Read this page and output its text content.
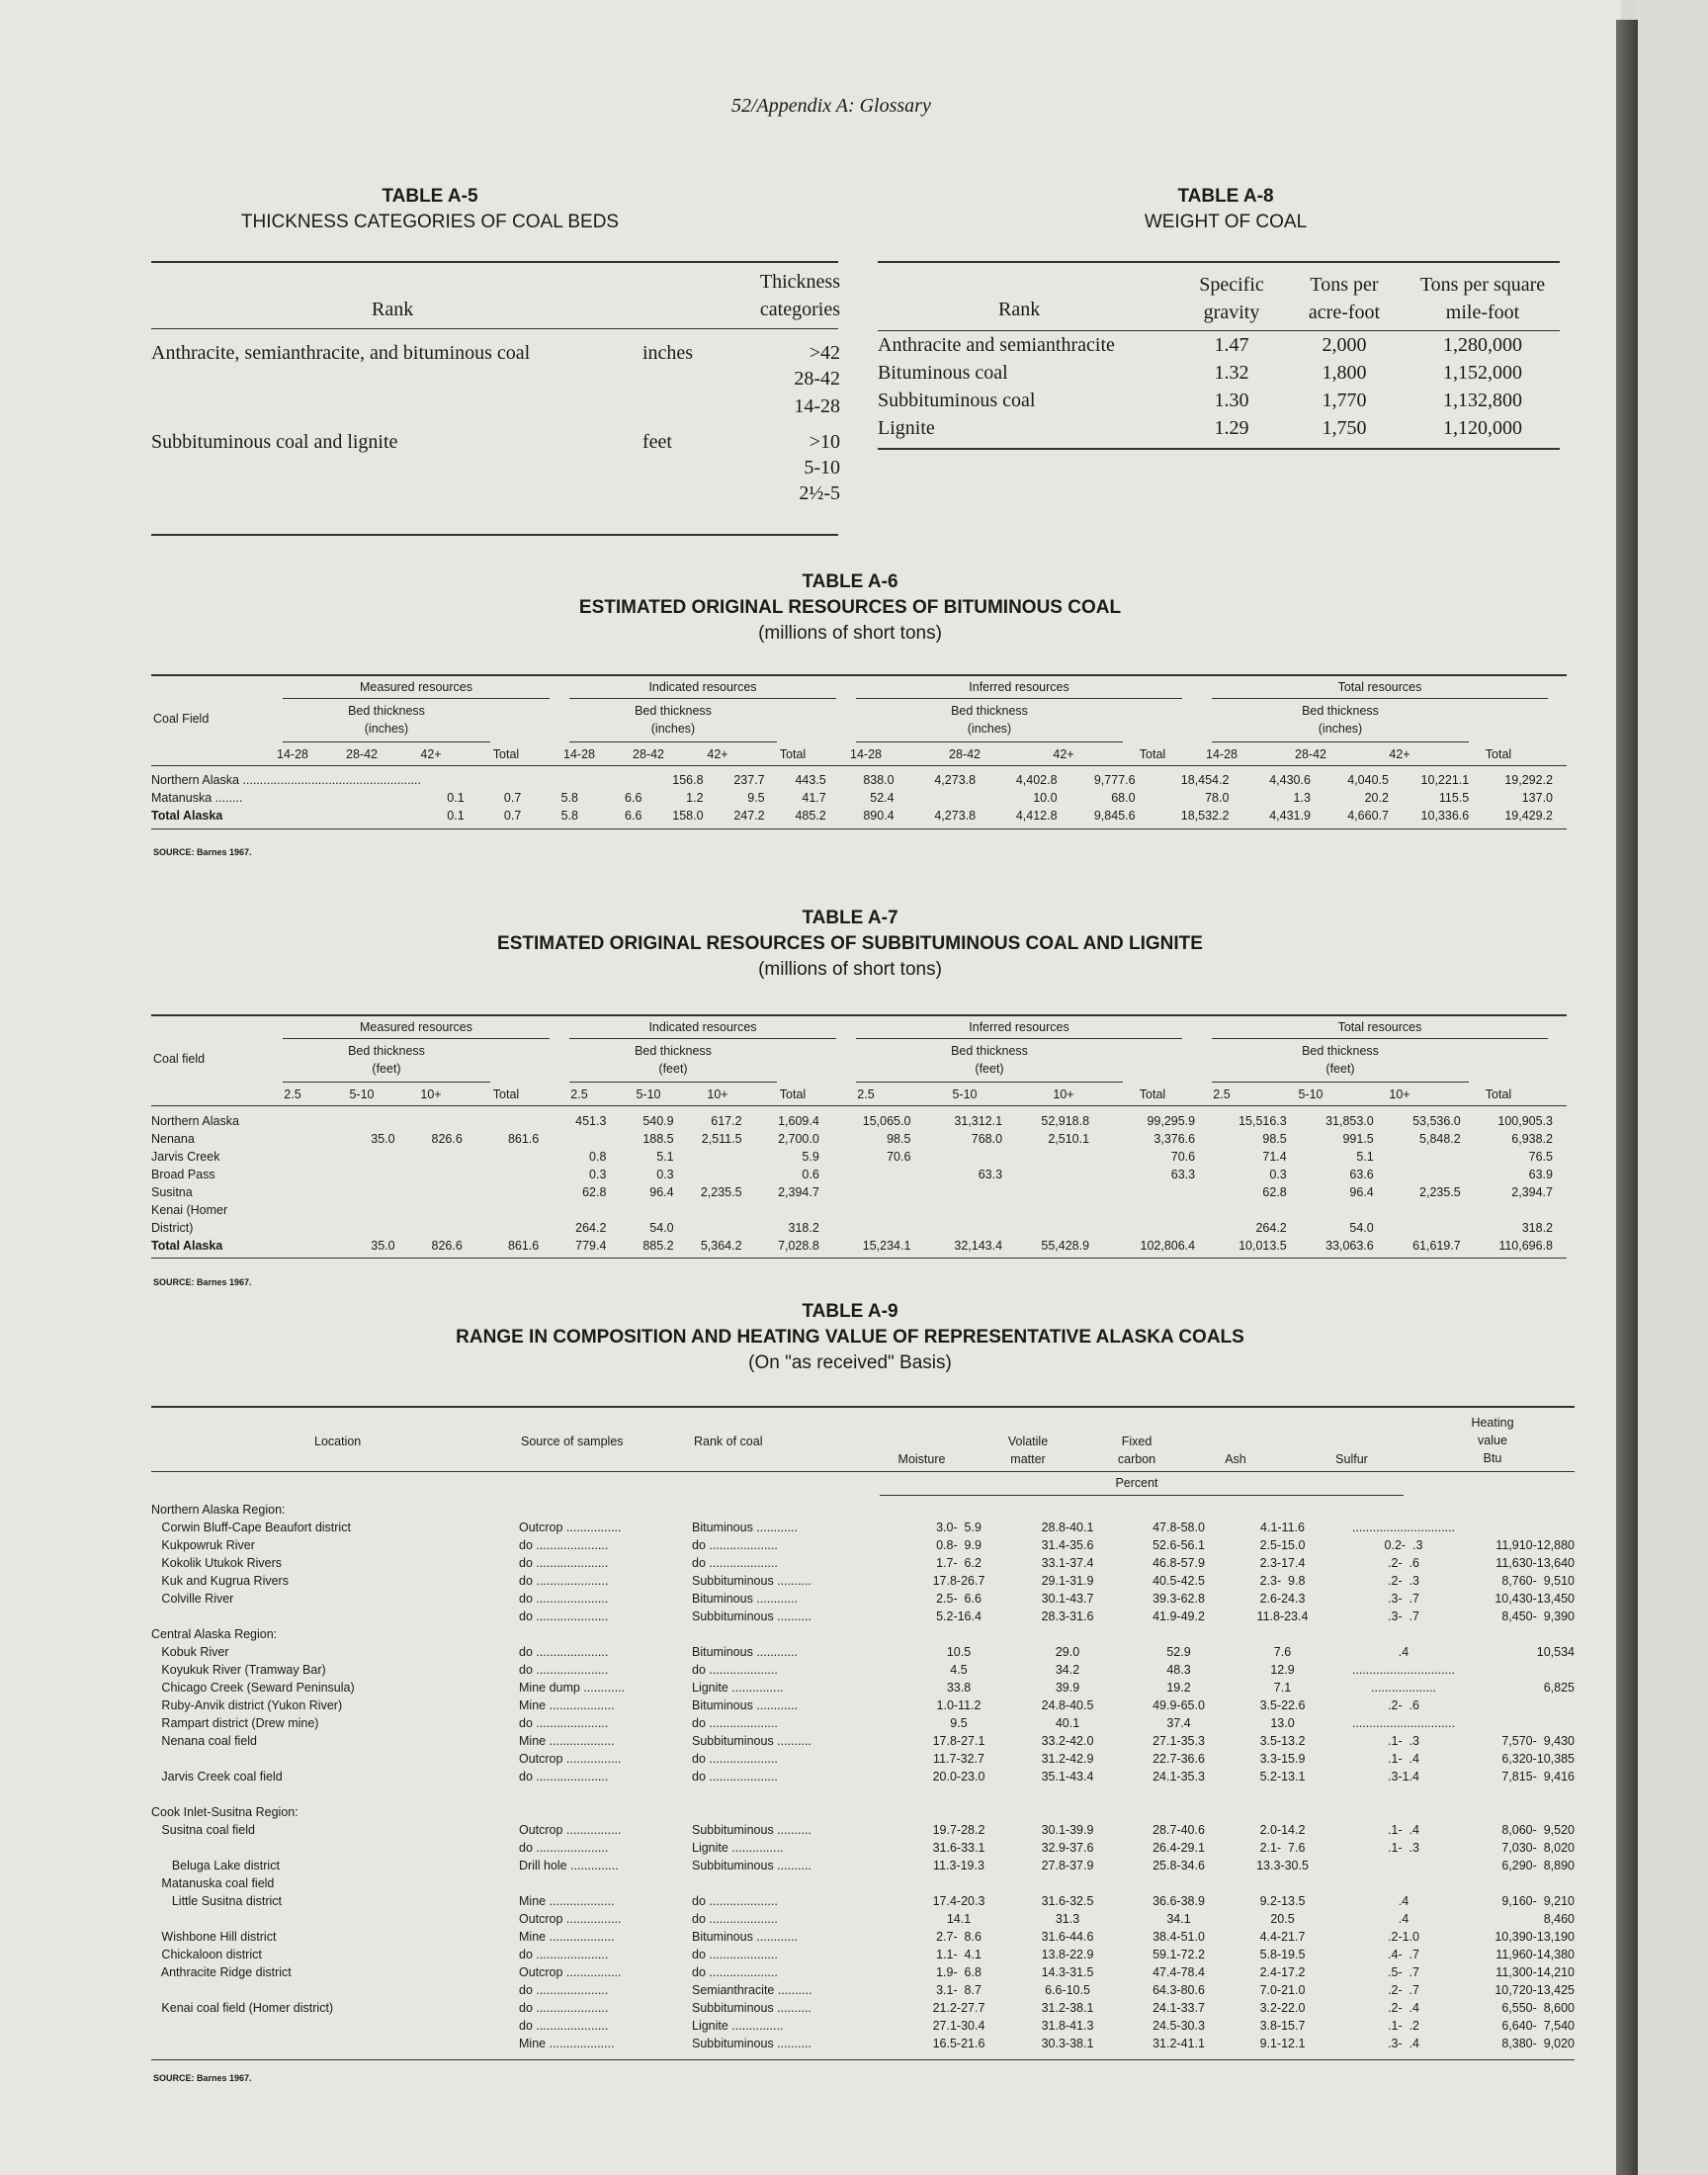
52/Appendix A: Glossary
TABLE A-5
THICKNESS CATEGORIES OF COAL BEDS
Rank
Thickness
categories
Anthracite, semianthracite, and bituminous coal	inches	>42
28-42
14-28
Subbituminous coal and lignite	feet	>10
5-10
2½-5
TABLE A-8
WEIGHT OF COAL
Rank
Specific gravity
Tons per acre-foot
Tons per square mile-foot
Anthracite and semianthracite	1.47	2,000	1,280,000
Bituminous coal	1.32	1,800	1,152,000
Subbituminous coal	1.30	1,770	1,132,800
Lignite	1.29	1,750	1,120,000
TABLE A-6
ESTIMATED ORIGINAL RESOURCES OF BITUMINOUS COAL
(millions of short tons)
Coal Field
Measured resources
Bed thickness
(inches)
14-28	28-42	42+	Total
Indicated resources
Bed thickness
(inches)
14-28	28-42	42+	Total
Inferred resources
Bed thickness
(inches)
14-28	28-42	42+	Total
Total resources
Bed thickness
(inches)
14-28	28-42	42+	Total
Northern Alaska ....................................................					156.8	237.7	443.5	838.0	4,273.8	4,402.8	9,777.6	18,454.2	4,430.6	4,040.5	10,221.1	19,292.2
Matanuska ........	0.1	0.7	5.8	6.6	1.2	9.5	41.7	52.4		10.0	68.0	78.0	1.3	20.2	115.5	137.0
Total Alaska	0.1	0.7	5.8	6.6	158.0	247.2	485.2	890.4	4,273.8	4,412.8	9,845.6	18,532.2	4,431.9	4,660.7	10,336.6	19,429.2
SOURCE: Barnes 1967.
TABLE A-7
ESTIMATED ORIGINAL RESOURCES OF SUBBITUMINOUS COAL AND LIGNITE
(millions of short tons)
Coal field
Measured resources
Bed thickness
(feet)
2.5	5-10	10+	Total
Indicated resources
Bed thickness
(feet)
2.5	5-10	10+	Total
Inferred resources
Bed thickness
(feet)
2.5	5-10	10+	Total
Total resources
Bed thickness
(feet)
2.5	5-10	10+	Total
Northern Alaska					451.3	540.9	617.2	1,609.4	15,065.0	31,312.1	52,918.8	99,295.9	15,516.3	31,853.0	53,536.0	100,905.3
Nenana		35.0	826.6	861.6		188.5	2,511.5	2,700.0	98.5	768.0	2,510.1	3,376.6	98.5	991.5	5,848.2	6,938.2
Jarvis Creek					0.8	5.1		5.9	70.6			70.6	71.4	5.1		76.5
Broad Pass					0.3	0.3		0.6		63.3		63.3	0.3	63.6		63.9
Susitna					62.8	96.4	2,235.5	2,394.7					62.8	96.4	2,235.5	2,394.7
Kenai (Homer																
District)					264.2	54.0		318.2					264.2	54.0		318.2
Total Alaska		35.0	826.6	861.6	779.4	885.2	5,364.2	7,028.8	15,234.1	32,143.4	55,428.9	102,806.4	10,013.5	33,063.6	61,619.7	110,696.8
SOURCE: Barnes 1967.
TABLE A-9
RANGE IN COMPOSITION AND HEATING VALUE OF REPRESENTATIVE ALASKA COALS
(On "as received" Basis)
Location	Source of samples	Rank of coal
Moisture
Volatile
matter
Fixed
carbon	Ash	Sulfur
Heating
value
Btu
Percent
Northern Alaska Region:								
Corwin Bluff-Cape Beaufort district	Outcrop ................	Bituminous ............	3.0-  5.9	28.8-40.1	47.8-58.0	4.1-11.6	..............................	
Kukpowruk River	do .....................	do ....................	0.8-  9.9	31.4-35.6	52.6-56.1	2.5-15.0	0.2-  .3	11,910-12,880
Kokolik Utukok Rivers	do .....................	do ....................	1.7-  6.2	33.1-37.4	46.8-57.9	2.3-17.4	.2-  .6	11,630-13,640
Kuk and Kugrua Rivers	do .....................	Subbituminous ..........	17.8-26.7	29.1-31.9	40.5-42.5	2.3-  9.8	.2-  .3	8,760-  9,510
Colville River	do .....................	Bituminous ............	2.5-  6.6	30.1-43.7	39.3-62.8	2.6-24.3	.3-  .7	10,430-13,450
	do .....................	Subbituminous ..........	5.2-16.4	28.3-31.6	41.9-49.2	11.8-23.4	.3-  .7	8,450-  9,390
Central Alaska Region:								
Kobuk River	do .....................	Bituminous ............	10.5	29.0	52.9	7.6	.4	10,534
Koyukuk River (Tramway Bar)	do .....................	do ....................	4.5	34.2	48.3	12.9	..............................	
Chicago Creek (Seward Peninsula)	Mine dump ............	Lignite ...............	33.8	39.9	19.2	7.1	...................	6,825
Ruby-Anvik district (Yukon River)	Mine ...................	Bituminous ............	1.0-11.2	24.8-40.5	49.9-65.0	3.5-22.6	.2-  .6	
Rampart district (Drew mine)	do .....................	do ....................	9.5	40.1	37.4	13.0	..............................	
Nenana coal field	Mine ...................	Subbituminous ..........	17.8-27.1	33.2-42.0	27.1-35.3	3.5-13.2	.1-  .3	7,570-  9,430
	Outcrop ................	do ....................	11.7-32.7	31.2-42.9	22.7-36.6	3.3-15.9	.1-  .4	6,320-10,385
Jarvis Creek coal field	do .....................	do ....................	20.0-23.0	35.1-43.4	24.1-35.3	5.2-13.1	.3-1.4	7,815-  9,416

Cook Inlet-Susitna Region:								
Susitna coal field	Outcrop ................	Subbituminous ..........	19.7-28.2	30.1-39.9	28.7-40.6	2.0-14.2	.1-  .4	8,060-  9,520
	do .....................	Lignite ...............	31.6-33.1	32.9-37.6	26.4-29.1	2.1-  7.6	.1-  .3	7,030-  8,020
Beluga Lake district	Drill hole ..............	Subbituminous ..........	11.3-19.3	27.8-37.9	25.8-34.6	13.3-30.5		6,290-  8,890
Matanuska coal field								
Little Susitna district	Mine ...................	do ....................	17.4-20.3	31.6-32.5	36.6-38.9	9.2-13.5	.4	9,160-  9,210
	Outcrop ................	do ....................	14.1	31.3	34.1	20.5	.4	8,460
Wishbone Hill district	Mine ...................	Bituminous ............	2.7-  8.6	31.6-44.6	38.4-51.0	4.4-21.7	.2-1.0	10,390-13,190
Chickaloon district	do .....................	do ....................	1.1-  4.1	13.8-22.9	59.1-72.2	5.8-19.5	.4-  .7	11,960-14,380
Anthracite Ridge district	Outcrop ................	do ....................	1.9-  6.8	14.3-31.5	47.4-78.4	2.4-17.2	.5-  .7	11,300-14,210
	do .....................	Semianthracite ..........	3.1-  8.7	6.6-10.5	64.3-80.6	7.0-21.0	.2-  .7	10,720-13,425
Kenai coal field (Homer district)	do .....................	Subbituminous ..........	21.2-27.7	31.2-38.1	24.1-33.7	3.2-22.0	.2-  .4	6,550-  8,600
	do .....................	Lignite ...............	27.1-30.4	31.8-41.3	24.5-30.3	3.8-15.7	.1-  .2	6,640-  7,540
	Mine ...................	Subbituminous ..........	16.5-21.6	30.3-38.1	31.2-41.1	9.1-12.1	.3-  .4	8,380-  9,020
SOURCE: Barnes 1967.
